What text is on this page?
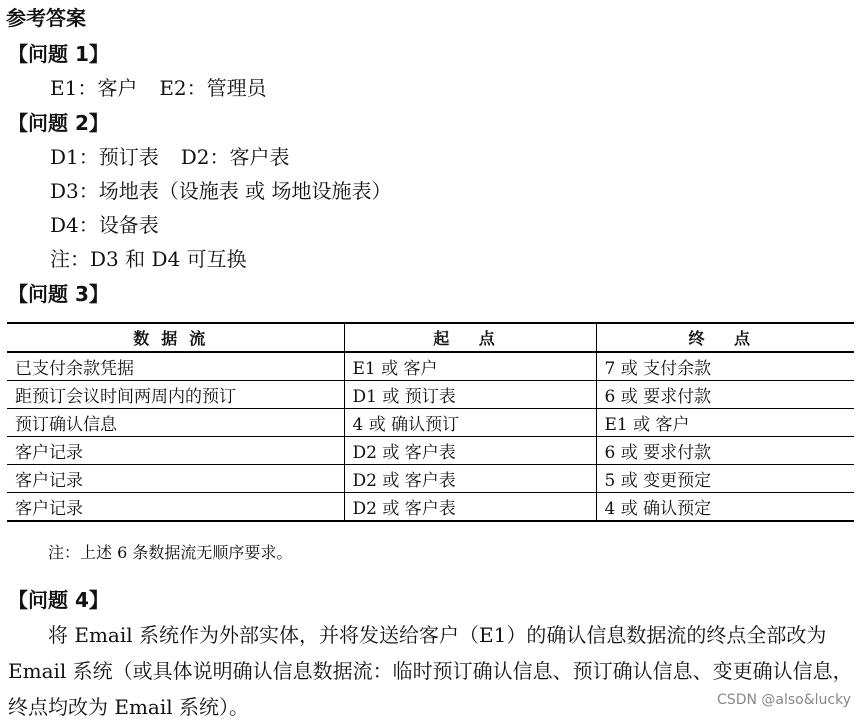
参考答案
【问题 1】
E1：客户 E2：管理员
【问题 2】
D1：预订表 D2：客户表
D3：场地表（设施表 或 场地设施表）
D4：设备表
注：D3 和 D4 可互换
【问题 3】
数据流	起 点	终 点
已支付余款凭据	E1 或 客户	7 或 支付余款
距预订会议时间两周内的预订	D1 或 预订表	6 或 要求付款
预订确认信息	4 或 确认预订	E1 或 客户
客户记录	D2 或 客户表	6 或 要求付款
客户记录	D2 或 客户表	5 或 变更预定
客户记录	D2 或 客户表	4 或 确认预定
注：上述 6 条数据流无顺序要求。
【问题 4】
将 Email 系统作为外部实体，并将发送给客户（E1）的确认信息数据流的终点全部改为 Email 系统（或具体说明确认信息数据流：临时预订确认信息、预订确认信息、变更确认信息，终点均改为 Email 系统）。	CSDN @also&lucky
